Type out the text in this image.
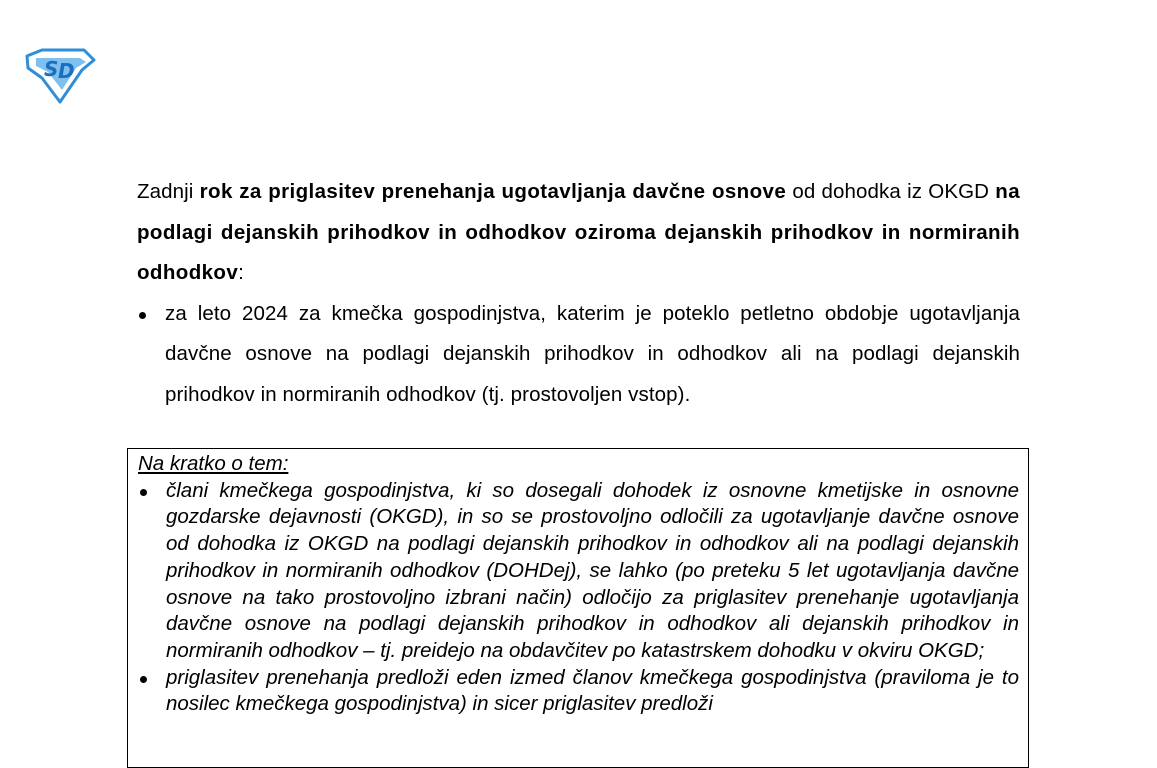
S D
Zadnji rok za priglasitev prenehanja ugotavljanja davčne osnove od dohodka iz OKGD na podlagi dejanskih prihodkov in odhodkov oziroma dejanskih prihodkov in normiranih odhodkov:
za leto 2024 za kmečka gospodinjstva, katerim je poteklo petletno obdobje ugotavljanja davčne osnove na podlagi dejanskih prihodkov in odhodkov ali na podlagi dejanskih prihodkov in normiranih odhodkov (tj. prostovoljen vstop).
Na kratko o tem:
člani kmečkega gospodinjstva, ki so dosegali dohodek iz osnovne kmetijske in osnovne gozdarske dejavnosti (OKGD), in so se prostovoljno odločili za ugotavljanje davčne osnove od dohodka iz OKGD na podlagi dejanskih prihodkov in odhodkov ali na podlagi dejanskih prihodkov in normiranih odhodkov (DOHDej), se lahko (po preteku 5 let ugotavljanja davčne osnove na tako prostovoljno izbrani način) odločijo za priglasitev prenehanje ugotavljanja davčne osnove na podlagi dejanskih prihodkov in odhodkov ali dejanskih prihodkov in normiranih odhodkov – tj. preidejo na obdavčitev po katastrskem dohodku v okviru OKGD;
priglasitev prenehanja predloži eden izmed članov kmečkega gospodinjstva (praviloma je to nosilec kmečkega gospodinjstva) in sicer priglasitev predloži
